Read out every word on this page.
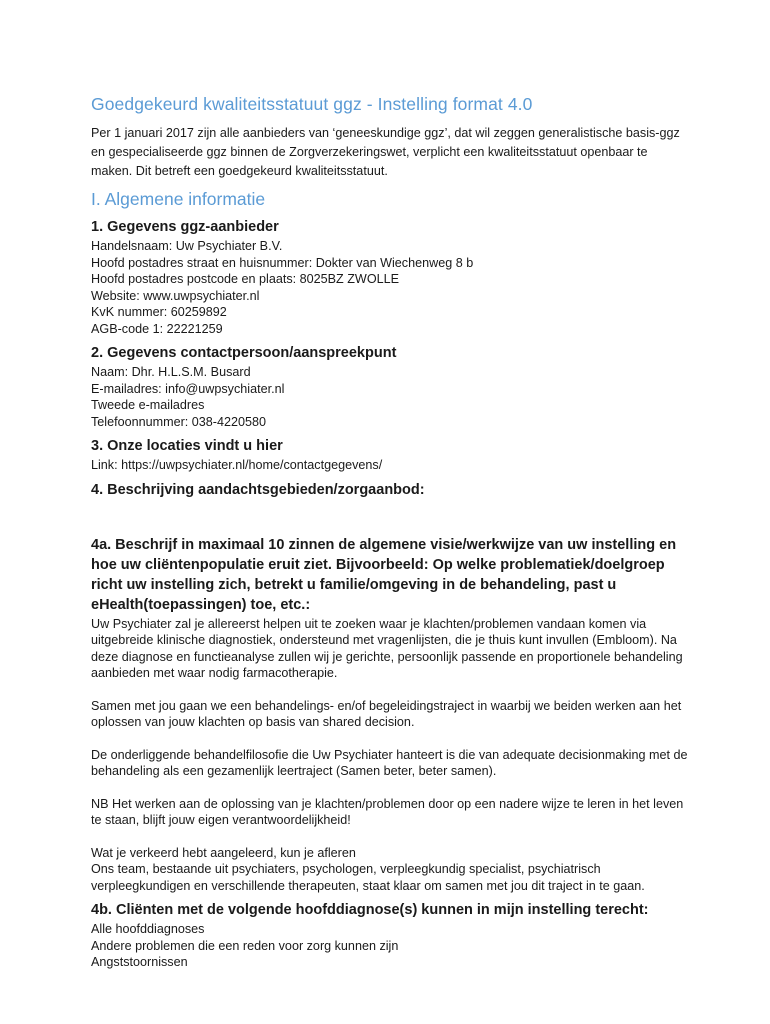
Goedgekeurd kwaliteitsstatuut ggz - Instelling format 4.0

Per 1 januari 2017 zijn alle aanbieders van ‘geneeskundige ggz’, dat wil zeggen generalistische basis-ggz en gespecialiseerde ggz binnen de Zorgverzekeringswet, verplicht een kwaliteitsstatuut openbaar te maken. Dit betreft een goedgekeurd kwaliteitsstatuut.

I. Algemene informatie
1. Gegevens ggz-aanbieder
Handelsnaam: Uw Psychiater B.V.
Hoofd postadres straat en huisnummer: Dokter van Wiechenweg 8 b
Hoofd postadres postcode en plaats: 8025BZ ZWOLLE
Website: www.uwpsychiater.nl
KvK nummer: 60259892
AGB-code 1: 22221259
2. Gegevens contactpersoon/aanspreekpunt
Naam: Dhr. H.L.S.M. Busard
E-mailadres: info@uwpsychiater.nl
Tweede e-mailadres
Telefoonnummer: 038-4220580
3. Onze locaties vindt u hier
Link: https://uwpsychiater.nl/home/contactgegevens/
4. Beschrijving aandachtsgebieden/zorgaanbod:
4a. Beschrijf in maximaal 10 zinnen de algemene visie/werkwijze van uw instelling en hoe uw cliëntenpopulatie eruit ziet. Bijvoorbeeld: Op welke problematiek/doelgroep richt uw instelling zich, betrekt u familie/omgeving in de behandeling, past u eHealth(toepassingen) toe, etc.:

Uw Psychiater zal je allereerst helpen uit te zoeken waar je klachten/problemen vandaan komen via uitgebreide klinische diagnostiek, ondersteund met vragenlijsten, die je thuis kunt invullen (Embloom). Na deze diagnose en functieanalyse zullen wij je gerichte, persoonlijk passende en proportionele behandeling aanbieden met waar nodig farmacotherapie.

Samen met jou gaan we een behandelings- en/of begeleidingstraject in waarbij we beiden werken aan het oplossen van jouw klachten op basis van shared decision.

De onderliggende behandelfilosofie die Uw Psychiater hanteert is die van adequate decisionmaking met de behandeling als een gezamenlijk leertraject (Samen beter, beter samen).

NB Het werken aan de oplossing van je klachten/problemen door op een nadere wijze te leren in het leven te staan, blijft jouw eigen verantwoordelijkheid!

Wat je verkeerd hebt aangeleerd, kun je afleren

Ons team, bestaande uit psychiaters, psychologen, verpleegkundig specialist, psychiatrisch verpleegkundigen en verschillende therapeuten, staat klaar om samen met jou dit traject in te gaan.

4b. Cliënten met de volgende hoofddiagnose(s) kunnen in mijn instelling terecht:
Alle hoofddiagnoses
Andere problemen die een reden voor zorg kunnen zijn
Angststoornissen
